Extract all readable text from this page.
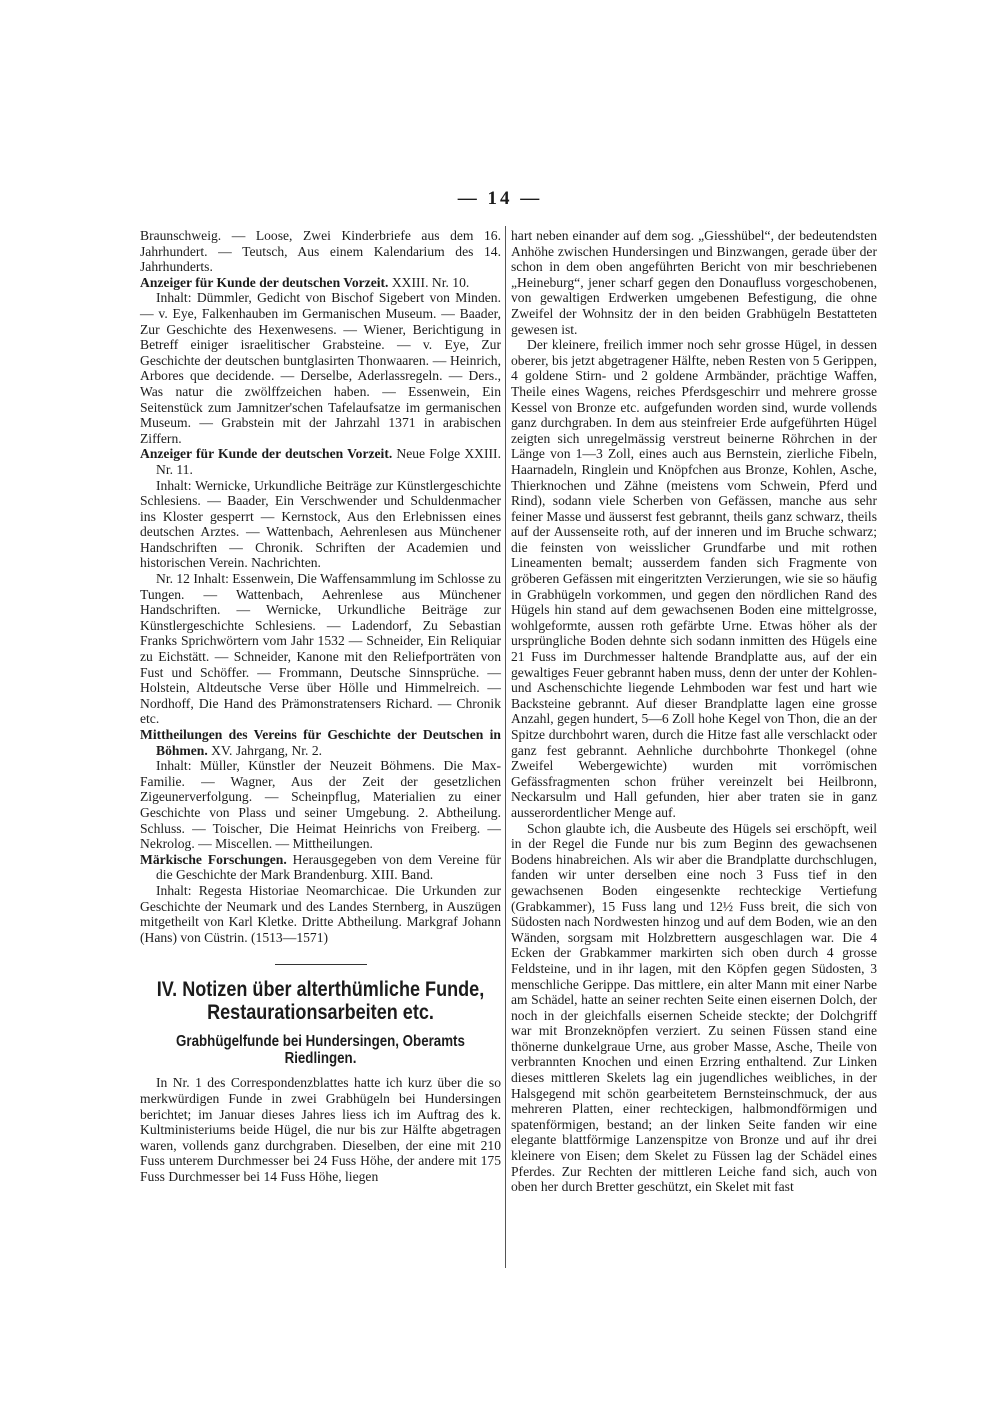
— 14 —

Braunschweig. — Loose, Zwei Kinderbriefe aus dem 16. Jahrhundert. — Teutsch, Aus einem Kalendarium des 14. Jahrhunderts.

Anzeiger für Kunde der deutschen Vorzeit. XXIII. Nr. 10.

Inhalt: Dümmler, Gedicht von Bischof Sigebert von Minden. — v. Eye, Falkenhauben im Germanischen Museum. — Baader, Zur Geschichte des Hexenwesens. — Wiener, Berichtigung in Betreff einiger israelitischer Grabsteine. — v. Eye, Zur Geschichte der deutschen buntglasirten Thonwaaren. — Heinrich, Arbores que decidende. — Derselbe, Aderlassregeln. — Ders., Was natur die zwölffzeichen haben. — Essenwein, Ein Seitenstück zum Jamnitzer'schen Tafelaufsatze im germanischen Museum. — Grabstein mit der Jahrzahl 1371 in arabischen Ziffern.

Anzeiger für Kunde der deutschen Vorzeit. Neue Folge XXIII. Nr. 11.

Inhalt: Wernicke, Urkundliche Beiträge zur Künstlergeschichte Schlesiens. — Baader, Ein Verschwender und Schuldenmacher ins Kloster gesperrt — Kernstock, Aus den Erlebnissen eines deutschen Arztes. — Wattenbach, Aehrenlesen aus Münchener Handschriften — Chronik. Schriften der Academien und historischen Verein. Nachrichten.

Nr. 12 Inhalt: Essenwein, Die Waffensammlung im Schlosse zu Tungen. — Wattenbach, Aehrenlese aus Münchener Handschriften. — Wernicke, Urkundliche Beiträge zur Künstlergeschichte Schlesiens. — Ladendorf, Zu Sebastian Franks Sprichwörtern vom Jahr 1532 — Schneider, Ein Reliquiar zu Eichstätt. — Schneider, Kanone mit den Reliefporträten von Fust und Schöffer. — Frommann, Deutsche Sinnsprüche. — Holstein, Altdeutsche Verse über Hölle und Himmelreich. — Nordhoff, Die Hand des Prämonstratensers Richard. — Chronik etc.

Mittheilungen des Vereins für Geschichte der Deutschen in Böhmen. XV. Jahrgang, Nr. 2.

Inhalt: Müller, Künstler der Neuzeit Böhmens. Die Max-Familie. — Wagner, Aus der Zeit der gesetzlichen Zigeunerverfolgung. — Scheinpflug, Materialien zu einer Geschichte von Plass und seiner Umgebung. 2. Abtheilung. Schluss. — Toischer, Die Heimat Heinrichs von Freiberg. — Nekrolog. — Miscellen. — Mittheilungen.

Märkische Forschungen. Herausgegeben von dem Vereine für die Geschichte der Mark Brandenburg. XIII. Band.

Inhalt: Regesta Historiae Neomarchicae. Die Urkunden zur Geschichte der Neumark und des Landes Sternberg, in Auszügen mitgetheilt von Karl Kletke. Dritte Abtheilung. Markgraf Johann (Hans) von Cüstrin. (1513—1571)

IV. Notizen über alterthümliche Funde,
Restaurationsarbeiten etc.
Grabhügelfunde bei Hundersingen, Oberamts
Riedlingen.

In Nr. 1 des Correspondenzblattes hatte ich kurz über die so merkwürdigen Funde in zwei Grabhügeln bei Hundersingen berichtet; im Januar dieses Jahres liess ich im Auftrag des k. Kultministeriums beide Hügel, die nur bis zur Hälfte abgetragen waren, vollends ganz durchgraben. Dieselben, der eine mit 210 Fuss unterem Durchmesser bei 24 Fuss Höhe, der andere mit 175 Fuss Durchmesser bei 14 Fuss Höhe, liegen

hart neben einander auf dem sog. „Giesshübel“, der bedeutendsten Anhöhe zwischen Hundersingen und Binzwangen, gerade über der schon in dem oben angeführten Bericht von mir beschriebenen „Heineburg“, jener scharf gegen den Donaufluss vorgeschobenen, von gewaltigen Erdwerken umgebenen Befestigung, die ohne Zweifel der Wohnsitz der in den beiden Grabhügeln Bestatteten gewesen ist.

Der kleinere, freilich immer noch sehr grosse Hügel, in dessen oberer, bis jetzt abgetragener Hälfte, neben Resten von 5 Gerippen, 4 goldene Stirn- und 2 goldene Armbänder, prächtige Waffen, Theile eines Wagens, reiches Pferdsgeschirr und mehrere grosse Kessel von Bronze etc. aufgefunden worden sind, wurde vollends ganz durchgraben. In dem aus steinfreier Erde aufgeführten Hügel zeigten sich unregelmässig verstreut beinerne Röhrchen in der Länge von 1—3 Zoll, eines auch aus Bernstein, zierliche Fibeln, Haarnadeln, Ringlein und Knöpfchen aus Bronze, Kohlen, Asche, Thierknochen und Zähne (meistens vom Schwein, Pferd und Rind), sodann viele Scherben von Gefässen, manche aus sehr feiner Masse und äusserst fest gebrannt, theils ganz schwarz, theils auf der Aussenseite roth, auf der inneren und im Bruche schwarz; die feinsten von weisslicher Grundfarbe und mit rothen Lineamenten bemalt; ausserdem fanden sich Fragmente von gröberen Gefässen mit eingeritzten Verzierungen, wie sie so häufig in Grabhügeln vorkommen, und gegen den nördlichen Rand des Hügels hin stand auf dem gewachsenen Boden eine mittelgrosse, wohlgeformte, aussen roth gefärbte Urne. Etwas höher als der ursprüngliche Boden dehnte sich sodann inmitten des Hügels eine 21 Fuss im Durchmesser haltende Brandplatte aus, auf der ein gewaltiges Feuer gebrannt haben muss, denn der unter der Kohlen- und Aschenschichte liegende Lehmboden war fest und hart wie Backsteine gebrannt. Auf dieser Brandplatte lagen eine grosse Anzahl, gegen hundert, 5—6 Zoll hohe Kegel von Thon, die an der Spitze durchbohrt waren, durch die Hitze fast alle verschlackt oder ganz fest gebrannt. Aehnliche durchbohrte Thonkegel (ohne Zweifel Webergewichte) wurden mit vorrömischen Gefässfragmenten schon früher vereinzelt bei Heilbronn, Neckarsulm und Hall gefunden, hier aber traten sie in ganz ausserordentlicher Menge auf.

Schon glaubte ich, die Ausbeute des Hügels sei erschöpft, weil in der Regel die Funde nur bis zum Beginn des gewachsenen Bodens hinabreichen. Als wir aber die Brandplatte durchschlugen, fanden wir unter derselben eine noch 3 Fuss tief in den gewachsenen Boden eingesenkte rechteckige Vertiefung (Grabkammer), 15 Fuss lang und 12½ Fuss breit, die sich von Südosten nach Nordwesten hinzog und auf dem Boden, wie an den Wänden, sorgsam mit Holzbrettern ausgeschlagen war. Die 4 Ecken der Grabkammer markirten sich oben durch 4 grosse Feldsteine, und in ihr lagen, mit den Köpfen gegen Südosten, 3 menschliche Gerippe. Das mittlere, ein alter Mann mit einer Narbe am Schädel, hatte an seiner rechten Seite einen eisernen Dolch, der noch in der gleichfalls eisernen Scheide steckte; der Dolchgriff war mit Bronzeknöpfen verziert. Zu seinen Füssen stand eine thönerne dunkelgraue Urne, aus grober Masse, Asche, Theile von verbrannten Knochen und einen Erzring enthaltend. Zur Linken dieses mittleren Skelets lag ein jugendliches weibliches, in der Halsgegend mit schön gearbeitetem Bernsteinschmuck, der aus mehreren Platten, einer rechteckigen, halbmondförmigen und spatenförmigen, bestand; an der linken Seite fanden wir eine elegante blattförmige Lanzenspitze von Bronze und auf ihr drei kleinere von Eisen; dem Skelet zu Füssen lag der Schädel eines Pferdes. Zur Rechten der mittleren Leiche fand sich, auch von oben her durch Bretter geschützt, ein Skelet mit fast
